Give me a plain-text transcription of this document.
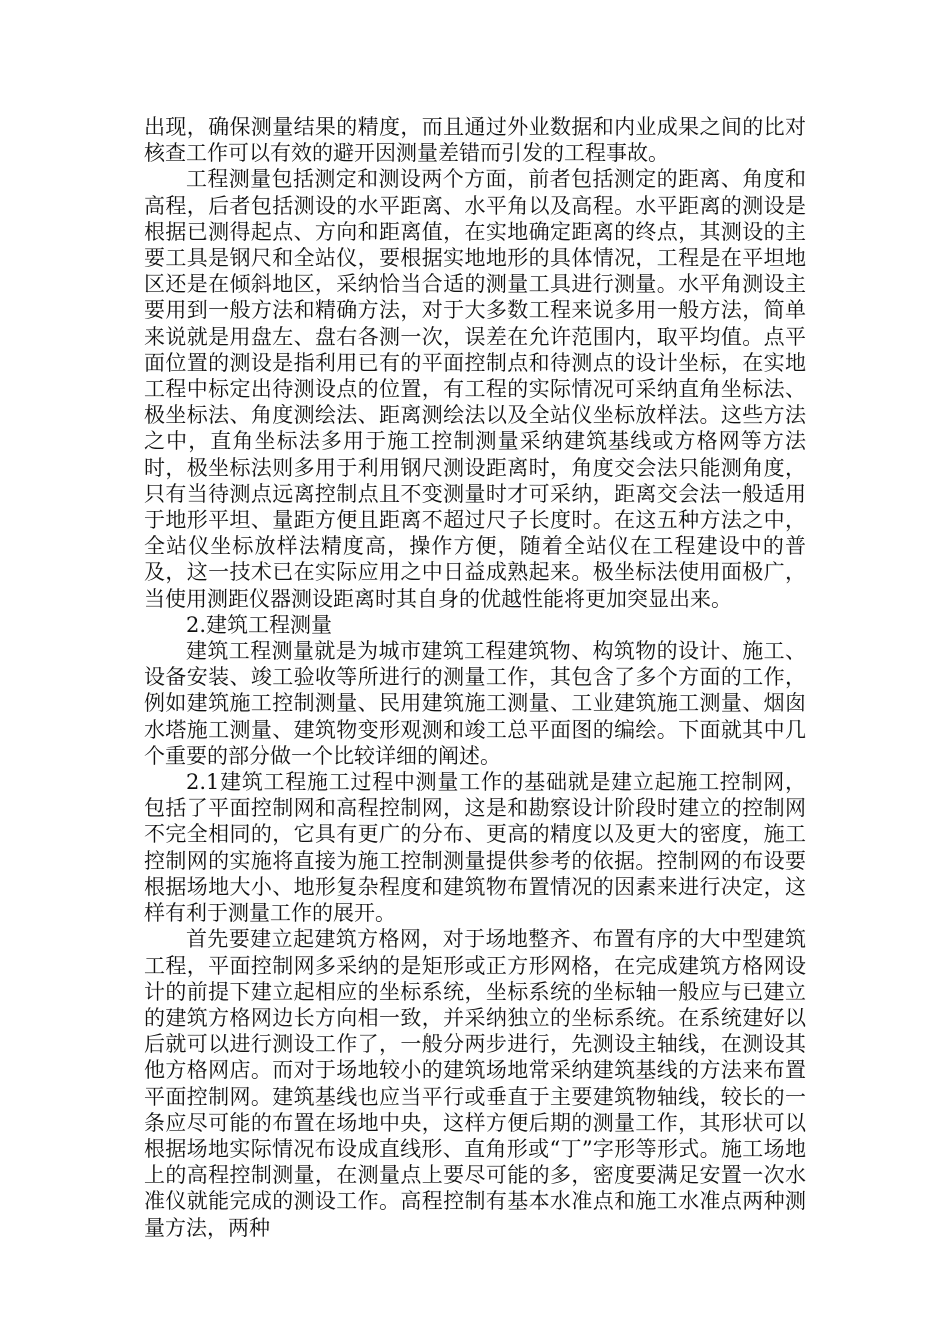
出现，确保测量结果的精度，而且通过外业数据和内业成果之间的比对核查工作可以有效的避开因测量差错而引发的工程事故。

工程测量包括测定和测设两个方面，前者包括测定的距离、角度和高程，后者包括测设的水平距离、水平角以及高程。水平距离的测设是根据已测得起点、方向和距离值，在实地确定距离的终点，其测设的主要工具是钢尺和全站仪，要根据实地地形的具体情况，工程是在平坦地区还是在倾斜地区，采纳恰当合适的测量工具进行测量。水平角测设主要用到一般方法和精确方法，对于大多数工程来说多用一般方法，简单来说就是用盘左、盘右各测一次，误差在允许范围内，取平均值。点平面位置的测设是指利用已有的平面控制点和待测点的设计坐标，在实地工程中标定出待测设点的位置，有工程的实际情况可采纳直角坐标法、极坐标法、角度测绘法、距离测绘法以及全站仪坐标放样法。这些方法之中，直角坐标法多用于施工控制测量采纳建筑基线或方格网等方法时，极坐标法则多用于利用钢尺测设距离时，角度交会法只能测角度，只有当待测点远离控制点且不变测量时才可采纳，距离交会法一般适用于地形平坦、量距方便且距离不超过尺子长度时。在这五种方法之中，全站仪坐标放样法精度高，操作方便，随着全站仪在工程建设中的普及，这一技术已在实际应用之中日益成熟起来。极坐标法使用面极广，当使用测距仪器测设距离时其自身的优越性能将更加突显出来。

2.建筑工程测量

建筑工程测量就是为城市建筑工程建筑物、构筑物的设计、施工、设备安装、竣工验收等所进行的测量工作，其包含了多个方面的工作，例如建筑施工控制测量、民用建筑施工测量、工业建筑施工测量、烟囱水塔施工测量、建筑物变形观测和竣工总平面图的编绘。下面就其中几个重要的部分做一个比较详细的阐述。

2.1建筑工程施工过程中测量工作的基础就是建立起施工控制网，包括了平面控制网和高程控制网，这是和勘察设计阶段时建立的控制网不完全相同的，它具有更广的分布、更高的精度以及更大的密度，施工控制网的实施将直接为施工控制测量提供参考的依据。控制网的布设要根据场地大小、地形复杂程度和建筑物布置情况的因素来进行决定，这样有利于测量工作的展开。

首先要建立起建筑方格网，对于场地整齐、布置有序的大中型建筑工程，平面控制网多采纳的是矩形或正方形网格，在完成建筑方格网设计的前提下建立起相应的坐标系统，坐标系统的坐标轴一般应与已建立的建筑方格网边长方向相一致，并采纳独立的坐标系统。在系统建好以后就可以进行测设工作了，一般分两步进行，先测设主轴线，在测设其他方格网店。而对于场地较小的建筑场地常采纳建筑基线的方法来布置平面控制网。建筑基线也应当平行或垂直于主要建筑物轴线，较长的一条应尽可能的布置在场地中央，这样方便后期的测量工作，其形状可以根据场地实际情况布设成直线形、直角形或“丁”字形等形式。施工场地上的高程控制测量，在测量点上要尽可能的多，密度要满足安置一次水准仪就能完成的测设工作。高程控制有基本水准点和施工水准点两种测量方法，两种
